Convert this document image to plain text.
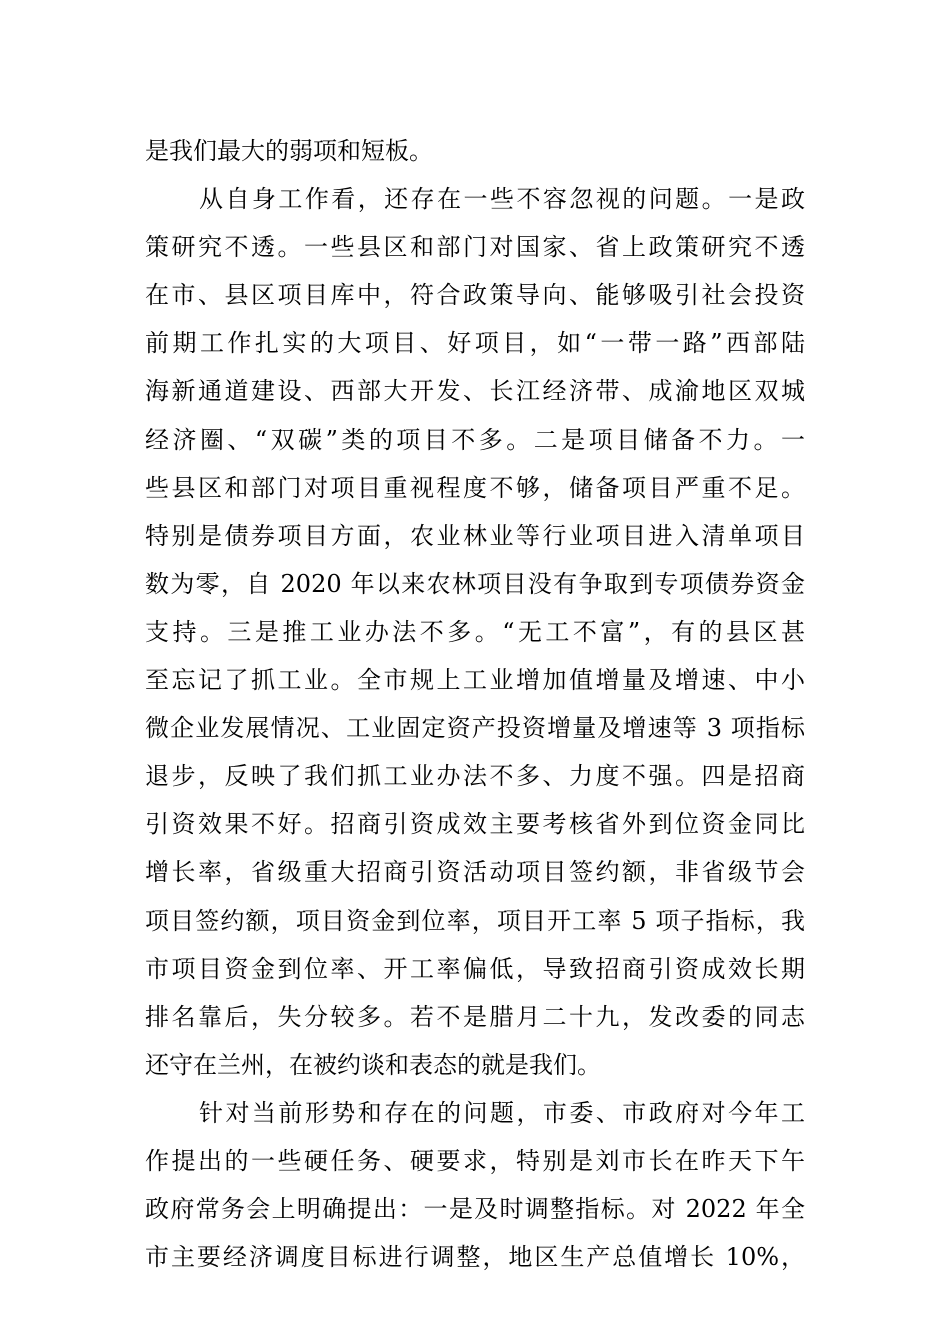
是我们最大的弱项和短板。
从自身工作看，还存在一些不容忽视的问题。一是政
策研究不透。一些县区和部门对国家、省上政策研究不透
在市、县区项目库中，符合政策导向、能够吸引社会投资
前期工作扎实的大项目、好项目，如“一带一路”西部陆
海新通道建设、西部大开发、长江经济带、成渝地区双城
经济圈、“双碳”类的项目不多。二是项目储备不力。一
些县区和部门对项目重视程度不够，储备项目严重不足。
特别是债券项目方面，农业林业等行业项目进入清单项目
数为零，自 2020 年以来农林项目没有争取到专项债券资金
支持。三是推工业办法不多。“无工不富”，有的县区甚
至忘记了抓工业。全市规上工业增加值增量及增速、中小
微企业发展情况、工业固定资产投资增量及增速等 3 项指标
退步，反映了我们抓工业办法不多、力度不强。四是招商
引资效果不好。招商引资成效主要考核省外到位资金同比
增长率，省级重大招商引资活动项目签约额，非省级节会
项目签约额，项目资金到位率，项目开工率 5 项子指标，我
市项目资金到位率、开工率偏低，导致招商引资成效长期
排名靠后，失分较多。若不是腊月二十九，发改委的同志
还守在兰州，在被约谈和表态的就是我们。
针对当前形势和存在的问题，市委、市政府对今年工
作提出的一些硬任务、硬要求，特别是刘市长在昨天下午
政府常务会上明确提出：一是及时调整指标。对 2022 年全
市主要经济调度目标进行调整，地区生产总值增长 10%，
